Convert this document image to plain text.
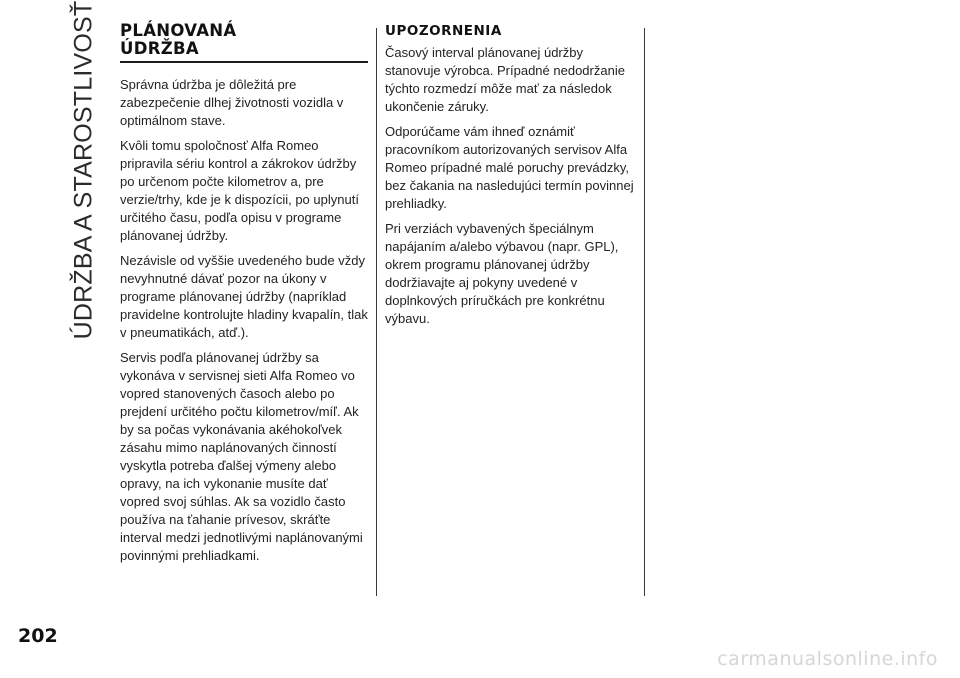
ÚDRŽBA A STAROSTLIVOSŤ PLÁNOVANÁ
ÚDRŽBA

Správna údržba je dôležitá pre zabezpečenie dlhej životnosti vozidla v optimálnom stave.

Kvôli tomu spoločnosť Alfa Romeo pripravila sériu kontrol a zákrokov údržby po určenom počte kilometrov a, pre verzie/trhy, kde je k dispozícii, po uplynutí určitého času, podľa opisu v programe plánovanej údržby.

Nezávisle od vyššie uvedeného bude vždy nevyhnutné dávať pozor na úkony v programe plánovanej údržby (napríklad pravidelne kontrolujte hladiny kvapalín, tlak v pneumatikách, atď.).

Servis podľa plánovanej údržby sa vykonáva v servisnej sieti Alfa Romeo vo vopred stanovených časoch alebo po prejdení určitého počtu kilometrov/míľ. Ak by sa počas vykonávania akéhokoľvek zásahu mimo naplánovaných činností vyskytla potreba ďalšej výmeny alebo opravy, na ich vykonanie musíte dať vopred svoj súhlas. Ak sa vozidlo často používa na ťahanie prívesov, skráťte interval medzi jednotlivými naplánovanými povinnými prehliadkami.

UPOZORNENIA

Časový interval plánovanej údržby stanovuje výrobca. Prípadné nedodržanie týchto rozmedzí môže mať za následok ukončenie záruky.

Odporúčame vám ihneď oznámiť pracovníkom autorizovaných servisov Alfa Romeo prípadné malé poruchy prevádzky, bez čakania na nasledujúci termín povinnej prehliadky.

Pri verziách vybavených špeciálnym napájaním a/alebo výbavou (napr. GPL), okrem programu plánovanej údržby dodržiavajte aj pokyny uvedené v doplnkových príručkách pre konkrétnu výbavu.

202
carmanualsonline.info
